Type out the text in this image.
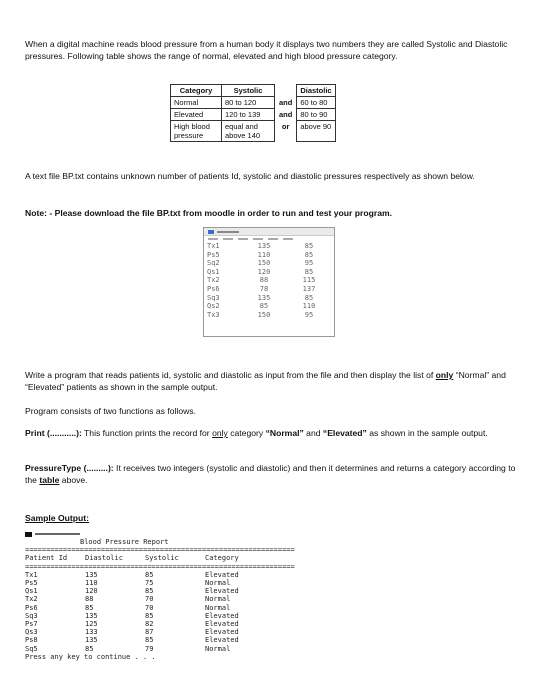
When a digital machine reads blood pressure from a human body it displays two numbers they are called Systolic and Diastolic pressures. Following table shows the range of normal, elevated and high blood pressure category.

Category	Systolic		Diastolic
Normal	80 to 120	and	60 to 80
Elevated	120 to 139	and	80 to 90
High blood pressure	equal and above 140	or	above 90

A text file BP.txt contains unknown number of patients Id, systolic and diastolic pressures respectively as shown below.

Note: - Please download the file BP.txt from moodle in order to run and test your program.

Tx1	135	85
Ps5	110	85
Sq2	150	95
Qs1	120	85
Tx2	88	115
Ps6	78	137
Sq3	135	85
Qs2	85	110
Tx3	150	95

Write a program that reads patients id, systolic and diastolic as input from the file and then display the list of only “Normal” and “Elevated” patients as shown in the sample output.

Program consists of two functions as follows.

Print (...........): This function prints the record for only category “Normal” and “Elevated” as shown in the sample output.

PressureType (.........): It receives two integers (systolic and diastolic) and then it determines and returns a category according to the table above.

Sample Output:

Blood Pressure Report
================================================================
Patient Id	Diastolic	Systolic	Category
================================================================
Tx1	135	85	Elevated
Ps5	110	75	Normal
Qs1	120	85	Elevated
Tx2	88	70	Normal
Ps6	85	70	Normal
Sq3	135	85	Elevated
Ps7	125	82	Elevated
Qs3	133	87	Elevated
Ps8	135	85	Elevated
Sq5	85	79	Normal
Press any key to continue . . .
